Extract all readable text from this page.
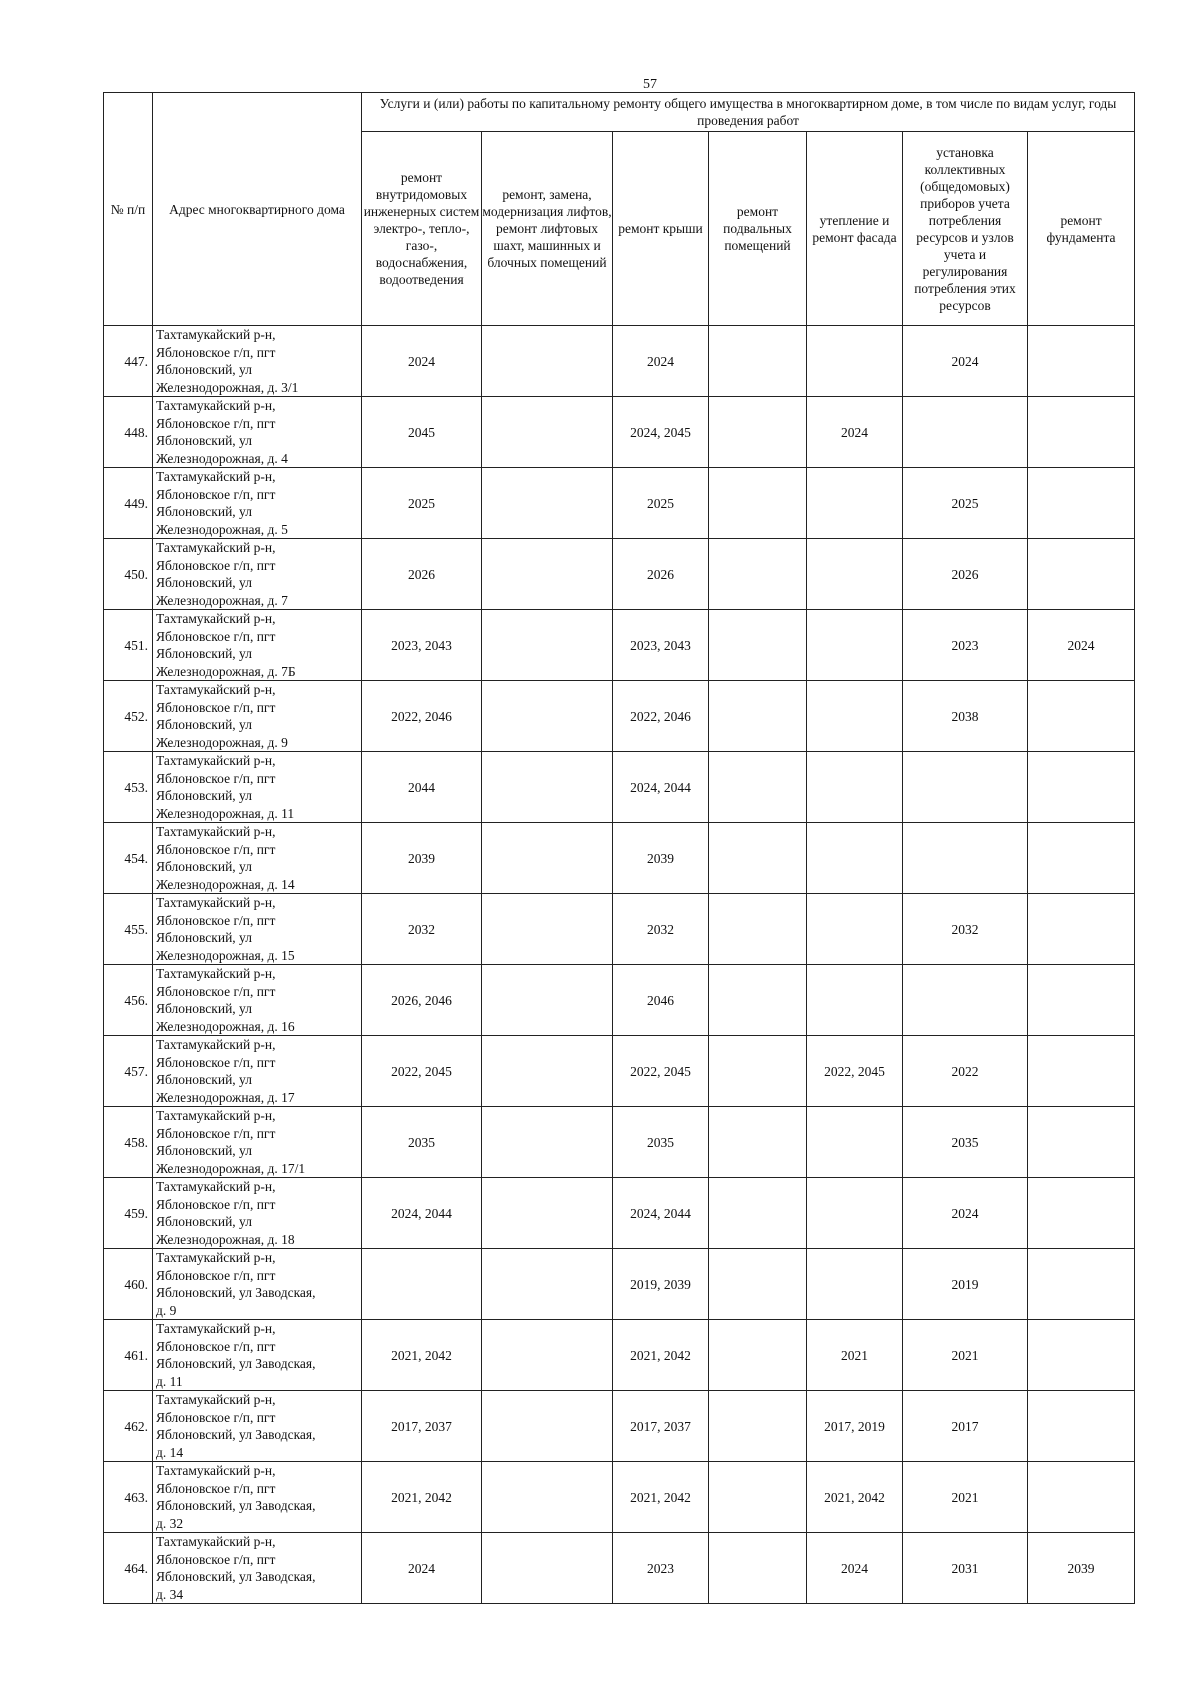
57
№ п/п	Адрес многоквартирного дома	Услуги и (или) работы по капитальному ремонту общего имущества в многоквартирном доме, в том числе по видам услуг, годы проведения работ						
		ремонт внутридомовых инженерных систем электро-, тепло-, газо-, водоснабжения, водоотведения	ремонт, замена, модернизация лифтов, ремонт лифтовых шахт, машинных и блочных помещений	ремонт крыши	ремонт подвальных помещений	утепление и ремонт фасада	установка коллективных (общедомовых) приборов учета потребления ресурсов и узлов учета и регулирования потребления этих ресурсов	ремонт фундамента
447.	Тахтамукайский р-н,
Яблоновское г/п, пгт
Яблоновский, ул
Железнодорожная, д. 3/1	2024		2024			2024	
448.	Тахтамукайский р-н,
Яблоновское г/п, пгт
Яблоновский, ул
Железнодорожная, д. 4	2045		2024, 2045		2024		
449.	Тахтамукайский р-н,
Яблоновское г/п, пгт
Яблоновский, ул
Железнодорожная, д. 5	2025		2025			2025	
450.	Тахтамукайский р-н,
Яблоновское г/п, пгт
Яблоновский, ул
Железнодорожная, д. 7	2026		2026			2026	
451.	Тахтамукайский р-н,
Яблоновское г/п, пгт
Яблоновский, ул
Железнодорожная, д. 7Б	2023, 2043		2023, 2043			2023	2024
452.	Тахтамукайский р-н,
Яблоновское г/п, пгт
Яблоновский, ул
Железнодорожная, д. 9	2022, 2046		2022, 2046			2038	
453.	Тахтамукайский р-н,
Яблоновское г/п, пгт
Яблоновский, ул
Железнодорожная, д. 11	2044		2024, 2044				
454.	Тахтамукайский р-н,
Яблоновское г/п, пгт
Яблоновский, ул
Железнодорожная, д. 14	2039		2039				
455.	Тахтамукайский р-н,
Яблоновское г/п, пгт
Яблоновский, ул
Железнодорожная, д. 15	2032		2032			2032	
456.	Тахтамукайский р-н,
Яблоновское г/п, пгт
Яблоновский, ул
Железнодорожная, д. 16	2026, 2046		2046				
457.	Тахтамукайский р-н,
Яблоновское г/п, пгт
Яблоновский, ул
Железнодорожная, д. 17	2022, 2045		2022, 2045		2022, 2045	2022	
458.	Тахтамукайский р-н,
Яблоновское г/п, пгт
Яблоновский, ул
Железнодорожная, д. 17/1	2035		2035			2035	
459.	Тахтамукайский р-н,
Яблоновское г/п, пгт
Яблоновский, ул
Железнодорожная, д. 18	2024, 2044		2024, 2044			2024	
460.	Тахтамукайский р-н,
Яблоновское г/п, пгт
Яблоновский, ул Заводская,
д. 9			2019, 2039			2019	
461.	Тахтамукайский р-н,
Яблоновское г/п, пгт
Яблоновский, ул Заводская,
д. 11	2021, 2042		2021, 2042		2021	2021	
462.	Тахтамукайский р-н,
Яблоновское г/п, пгт
Яблоновский, ул Заводская,
д. 14	2017, 2037		2017, 2037		2017, 2019	2017	
463.	Тахтамукайский р-н,
Яблоновское г/п, пгт
Яблоновский, ул Заводская,
д. 32	2021, 2042		2021, 2042		2021, 2042	2021	
464.	Тахтамукайский р-н,
Яблоновское г/п, пгт
Яблоновский, ул Заводская,
д. 34	2024		2023		2024	2031	2039
